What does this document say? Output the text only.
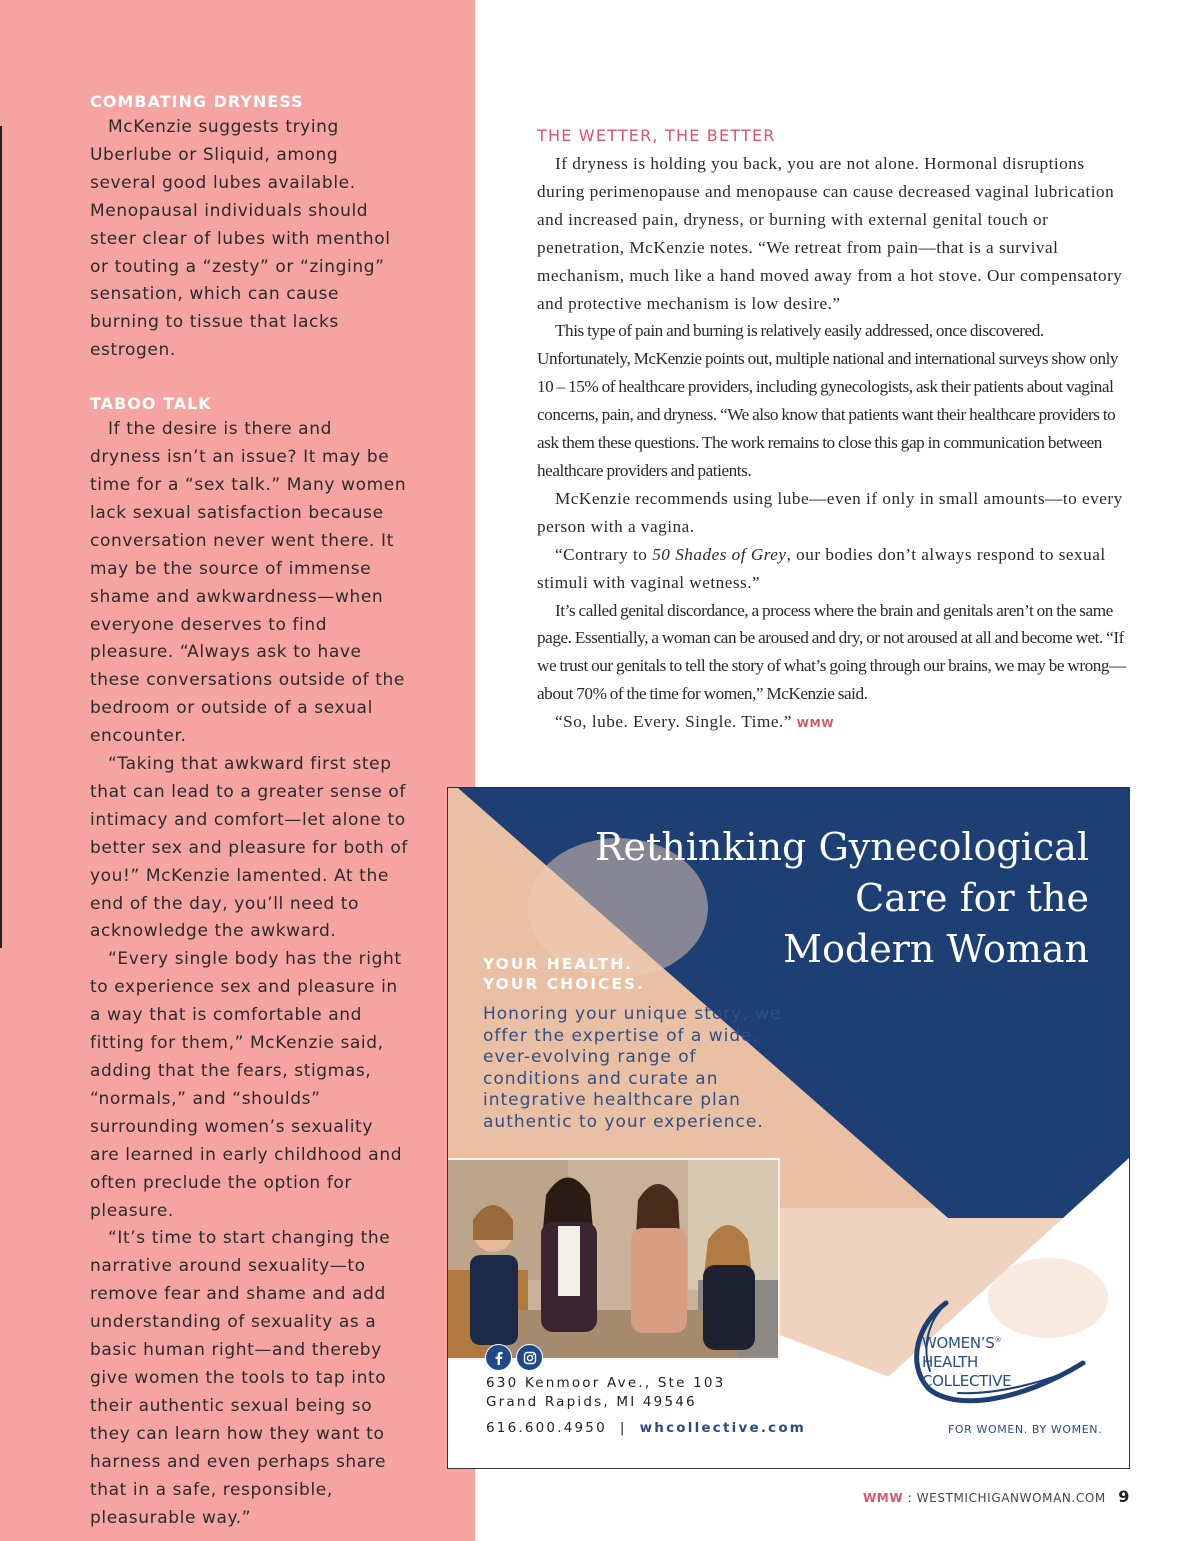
COMBATING DRYNESS

McKenzie suggests trying Uberlube or Sliquid, among several good lubes available. Menopausal individuals should steer clear of lubes with menthol or touting a “zesty” or “zinging” sensation, which can cause burning to tissue that lacks estrogen.

TABOO TALK

If the desire is there and dryness isn’t an issue? It may be time for a “sex talk.” Many women lack sexual satisfaction because conversation never went there. It may be the source of immense shame and awkwardness—when everyone deserves to find pleasure. “Always ask to have these conversations outside of the bedroom or outside of a sexual encounter.

“Taking that awkward first step that can lead to a greater sense of intimacy and comfort—let alone to better sex and pleasure for both of you!” McKenzie lamented. At the end of the day, you’ll need to acknowledge the awkward.

“Every single body has the right to experience sex and pleasure in a way that is comfortable and fitting for them,” McKenzie said, adding that the fears, stigmas, “normals,” and “shoulds” surrounding women’s sexuality are learned in early childhood and often preclude the option for pleasure.

“It’s time to start changing the narrative around sexuality—to remove fear and shame and add understanding of sexuality as a basic human right—and thereby give women the tools to tap into their authentic sexual being so they can learn how they want to harness and even perhaps share that in a safe, responsible, pleasurable way.”

THE WETTER, THE BETTER

If dryness is holding you back, you are not alone. Hormonal disruptions during perimenopause and menopause can cause decreased vaginal lubrication and increased pain, dryness, or burning with external genital touch or penetration, McKenzie notes. “We retreat from pain—that is a survival mechanism, much like a hand moved away from a hot stove. Our compensatory and protective mechanism is low desire.”

This type of pain and burning is relatively easily addressed, once discovered. Unfortunately, McKenzie points out, multiple national and international surveys show only 10 – 15% of healthcare providers, including gynecologists, ask their patients about vaginal concerns, pain, and dryness. “We also know that patients want their healthcare providers to ask them these questions. The work remains to close this gap in communication between healthcare providers and patients.

McKenzie recommends using lube—even if only in small amounts—to every person with a vagina.

“Contrary to 50 Shades of Grey, our bodies don’t always respond to sexual stimuli with vaginal wetness.”

It’s called genital discordance, a process where the brain and genitals aren’t on the same page. Essentially, a woman can be aroused and dry, or not aroused at all and become wet. “If we trust our genitals to tell the story of what’s going through our brains, we may be wrong—about 70% of the time for women,” McKenzie said.

“So, lube. Every. Single. Time.” WMW

Rethinking Gynecological
Care for the
Modern Woman
YOUR HEALTH.
YOUR CHOICES.
Honoring your unique story, we offer the expertise of a wide, ever-evolving range of conditions and curate an integrative healthcare plan authentic to your experience.
630 Kenmoor Ave., Ste 103
Grand Rapids, MI 49546
616.600.4950 | whcollective.com
WOMEN’S®
HEALTH
COLLECTIVE
FOR WOMEN. BY WOMEN.
WMW : WESTMICHIGANWOMAN.COM 9
